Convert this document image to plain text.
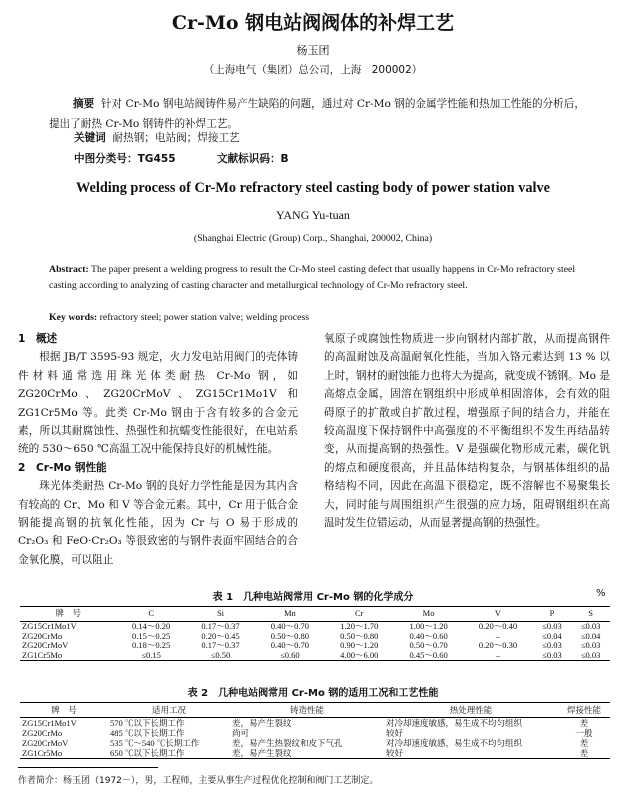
Cr-Mo 钢电站阀阀体的补焊工艺
杨玉团
（上海电气（集团）总公司，上海　200002）
摘要 针对 Cr-Mo 钢电站阀铸件易产生缺陷的问题，通过对 Cr-Mo 钢的金属学性能和热加工性能的分析后，提出了耐热 Cr-Mo 钢铸件的补焊工艺。
关键词 耐热钢；电站阀；焊接工艺
中图分类号：TG455	文献标识码：B
Welding process of Cr-Mo refractory steel casting body of power station valve
YANG Yu-tuan
(Shanghai Electric (Group) Corp., Shanghai, 200002, China)
Abstract: The paper present a welding progress to result the Cr-Mo steel casting defect that usually happens in Cr-Mo refractory steel casting according to analyzing of casting character and metallurgical technology of Cr-Mo refractory steel.
Key words: refractory steel; power station valve; welding process
1　概述

根据 JB/T 3595-93 规定，火力发电站用阀门的壳体铸件材料通常选用珠光体类耐热 Cr-Mo 钢，如 ZG20CrMo、ZG20CrMoV、ZG15Cr1Mo1V 和 ZG1Cr5Mo 等。此类 Cr-Mo 钢由于含有较多的合金元素，所以其耐腐蚀性、热强性和抗蠕变性能很好，在电站系统的 530～650 ℃高温工况中能保持良好的机械性能。

2　Cr-Mo 钢性能

珠光体类耐热 Cr-Mo 钢的良好力学性能是因为其内含有较高的 Cr、Mo 和 V 等合金元素。其中，Cr 用于低合金钢能提高钢的抗氧化性能，因为 Cr 与 O 易于形成的 Cr₂O₃ 和 FeO·Cr₂O₃ 等很致密的与钢件表面牢固结合的合金氧化膜，可以阻止

氧原子或腐蚀性物质进一步向钢材内部扩散，从而提高钢件的高温耐蚀及高温耐氧化性能，当加入铬元素达到 13 % 以上时，钢材的耐蚀能力也将大为提高，就变成不锈钢。Mo 是高熔点金属，固溶在钢组织中形成单相固溶体，会有效的阻碍原子的扩散或自扩散过程，增强原子间的结合力，并能在较高温度下保持钢件中高强度的不平衡组织不发生再结晶转变，从而提高钢的热强性。V 是强碳化物形成元素，碳化钒的熔点和硬度很高，并且晶体结构复杂，与钢基体组织的晶格结构不同，因此在高温下很稳定，既不溶解也不易聚集长大，同时能与周围组织产生很强的应力场，阻碍钢组织在高温时发生位错运动，从而显著提高钢的热强性。

表 1　几种电站阀常用 Cr-Mo 钢的化学成分	%
牌　号	C	Si	Mn	Cr	Mo	V	P	S
ZG15Cr1Mo1V	0.14～0.20	0.17～0.37	0.40～0.70	1.20～1.70	1.00～1.20	0.20～0.40	≤0.03	≤0.03
ZG20CrMo	0.15～0.25	0.20～0.45	0.50～0.80	0.50～0.80	0.40～0.60	–	≤0.04	≤0.04
ZG20CrMoV	0.18～0.25	0.17～0.37	0.40～0.70	0.90～1.20	0.50～0.70	0.20～0.30	≤0.03	≤0.03
ZG1Cr5Mo	≤0.15	≤0.50	≤0.60	4.00～6.00	0.45～0.60	–	≤0.03	≤0.03
表 2　几种电站阀常用 Cr-Mo 钢的适用工况和工艺性能
牌　号	适用工况	铸造性能	热处理性能	焊接性能
ZG15Cr1Mo1V	570 ℃以下长期工作	差，易产生裂纹	对冷却速度敏感，易生成不均匀组织	差
ZG20CrMo	485 ℃以下长期工作	尚可	较好	一般
ZG20CrMoV	535 ℃～540 ℃长期工作	差，易产生热裂纹和皮下气孔	对冷却速度敏感，易生成不均匀组织	差
ZG1Cr5Mo	650 ℃以下长期工作	差，易产生裂纹	较好	差
作者简介：杨玉团（1972－），男，工程师，主要从事生产过程优化控制和阀门工艺制定。
